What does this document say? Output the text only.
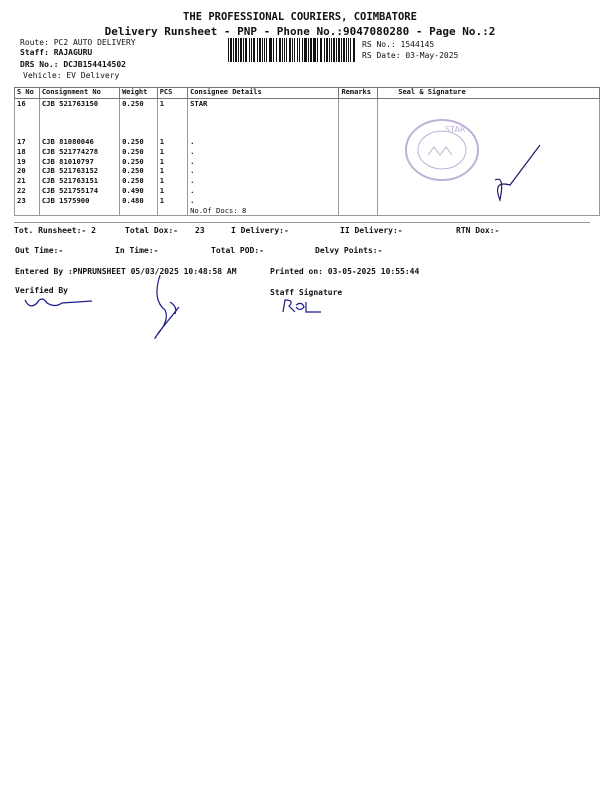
THE PROFESSIONAL COURIERS, COIMBATORE
Delivery Runsheet - PNP - Phone No.:9047080280 - Page No.:2
Route: PC2 AUTO DELIVERY
Staff: RAJAGURU
DRS No.: DCJB154414502
Vehicle: EV Delivery
RS No.: 1544145
RS Date: 03-May-2025
S No	Consignment No	Weight	PCS	Consignee Details	Remarks	Seal & Signature
16	CJB 521763150	0.250	1	STAR		
17	CJB 81080046	0.250	1	.		
18	CJB 521774278	0.250	1	.		
19	CJB 81010797	0.250	1	.		
20	CJB 521763152	0.250	1	.		
21	CJB 521763151	0.250	1	.		
22	CJB 521755174	0.490	1	.		
23	CJB 1575900	0.480	1	.		
				No.Of Docs: 8		
Tot. Runsheet:- 2	Total Dox:- 23	I Delivery:-	II Delivery:-	RTN Dox:-
Out Time:-	In Time:-	Total POD:-	Delvy Points:-
Entered By :PNPRUNSHEET 05/03/2025 10:48:58 AM	Printed on: 03-05-2025 10:55:44
Verified By	Staff Signature
STAR
